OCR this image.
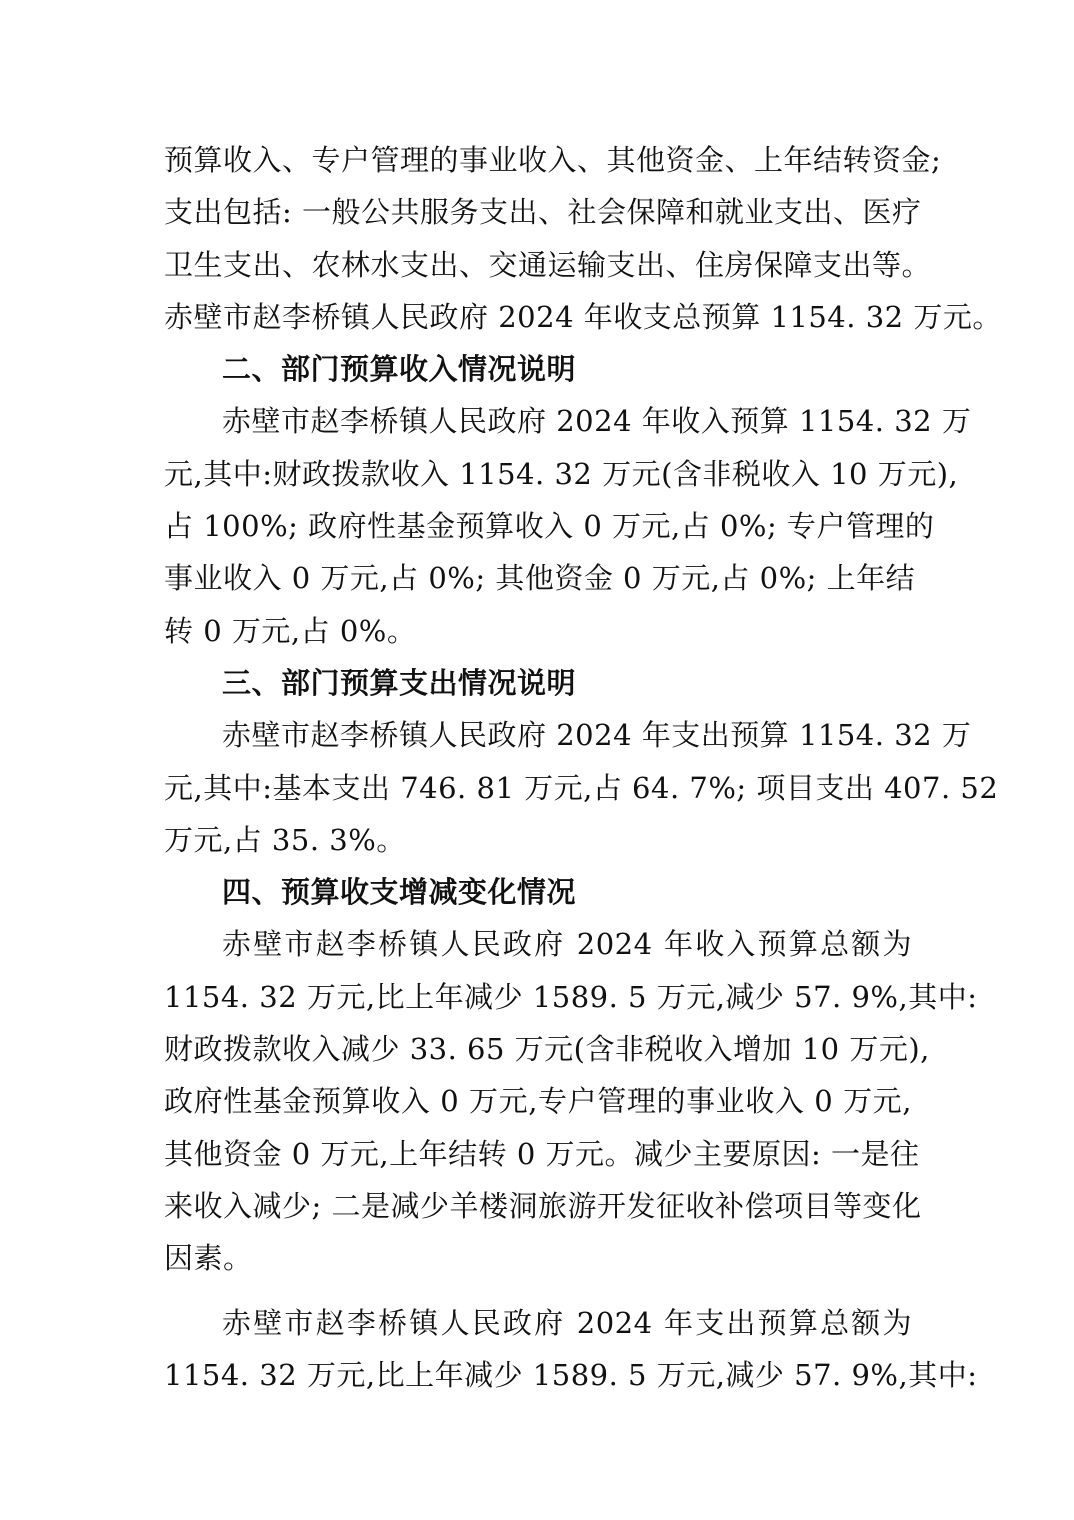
预算收入、专户管理的事业收入、其他资金、上年结转资金;
支出包括: 一般公共服务支出、社会保障和就业支出、医疗
卫生支出、农林水支出、交通运输支出、住房保障支出等。
赤壁市赵李桥镇人民政府 2024 年收支总预算 1154. 32 万元。
二、部门预算收入情况说明
赤壁市赵李桥镇人民政府 2024 年收入预算 1154. 32 万
元,其中:财政拨款收入 1154. 32 万元(含非税收入 10 万元),
占 100%; 政府性基金预算收入 0 万元,占 0%; 专户管理的
事业收入 0 万元,占 0%; 其他资金 0 万元,占 0%; 上年结
转 0 万元,占 0%。
三、部门预算支出情况说明
赤壁市赵李桥镇人民政府 2024 年支出预算 1154. 32 万
元,其中:基本支出 746. 81 万元,占 64. 7%; 项目支出 407. 52
万元,占 35. 3%。
四、预算收支增减变化情况
赤壁市赵李桥镇人民政府 2024 年收入预算总额为
1154. 32 万元,比上年减少 1589. 5 万元,减少 57. 9%,其中:
财政拨款收入减少 33. 65 万元(含非税收入增加 10 万元),
政府性基金预算收入 0 万元,专户管理的事业收入 0 万元,
其他资金 0 万元,上年结转 0 万元。减少主要原因: 一是往
来收入减少; 二是减少羊楼洞旅游开发征收补偿项目等变化
因素。
赤壁市赵李桥镇人民政府 2024 年支出预算总额为
1154. 32 万元,比上年减少 1589. 5 万元,减少 57. 9%,其中:
